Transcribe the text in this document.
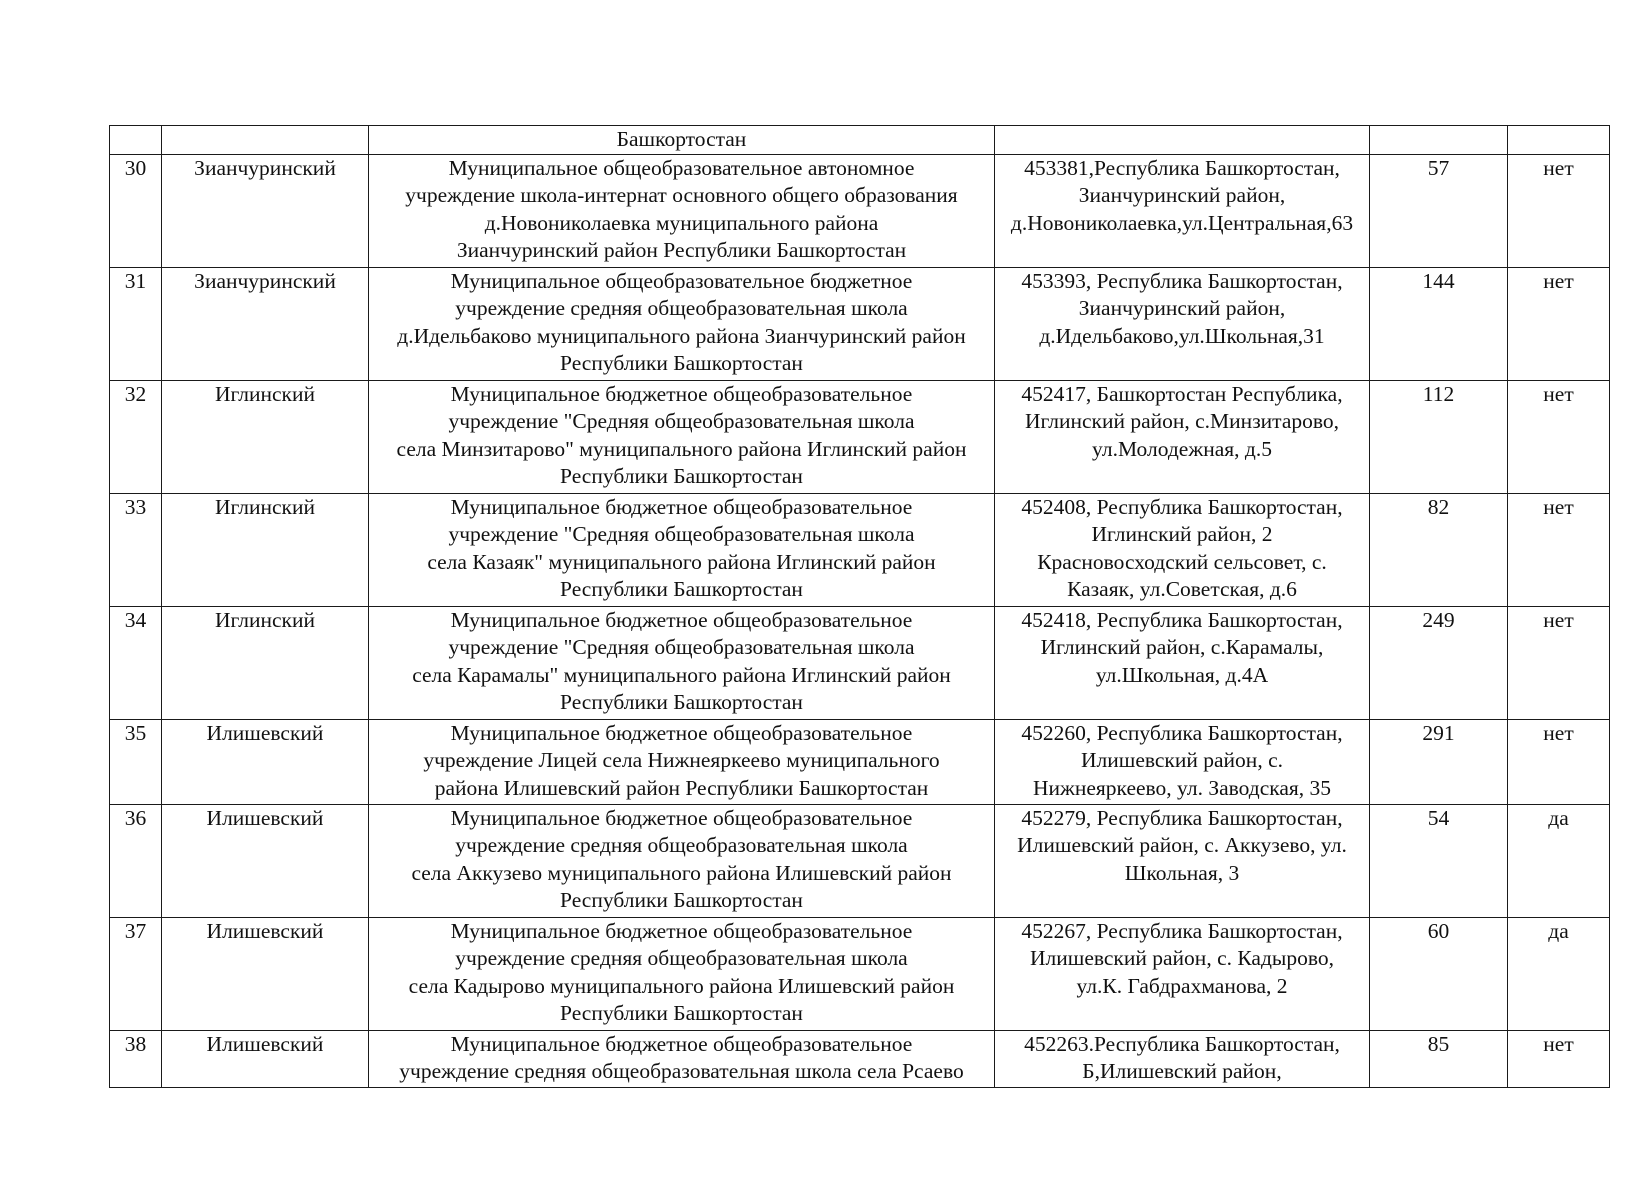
		Башкортостан			
30	Зианчуринский	Муниципальное общеобразовательное автономное
учреждение школа-интернат основного общего образования
д.Новониколаевка муниципального района
Зианчуринский район Республики Башкортостан	453381,Республика Башкортостан,
Зианчуринский район,
д.Новониколаевка,ул.Центральная,63	57	нет
31	Зианчуринский	Муниципальное общеобразовательное бюджетное
учреждение средняя общеобразовательная школа
д.Идельбаково муниципального района Зианчуринский район
Республики Башкортостан	453393, Республика Башкортостан,
Зианчуринский район,
д.Идельбаково,ул.Школьная,31	144	нет
32	Иглинский	Муниципальное бюджетное общеобразовательное
учреждение "Средняя общеобразовательная школа
села Минзитарово" муниципального района Иглинский район
Республики Башкортостан	452417, Башкортостан Республика,
Иглинский район, с.Минзитарово,
ул.Молодежная, д.5	112	нет
33	Иглинский	Муниципальное бюджетное общеобразовательное
учреждение "Средняя общеобразовательная школа
села Казаяк" муниципального района Иглинский район
Республики Башкортостан	452408, Республика Башкортостан,
Иглинский район, 2
Красновосходский сельсовет, с.
Казаяк, ул.Советская, д.6	82	нет
34	Иглинский	Муниципальное бюджетное общеобразовательное
учреждение "Средняя общеобразовательная школа
села Карамалы" муниципального района Иглинский район
Республики Башкортостан	452418, Республика Башкортостан,
Иглинский район, с.Карамалы,
ул.Школьная, д.4А	249	нет
35	Илишевский	Муниципальное бюджетное общеобразовательное
учреждение Лицей села Нижнеяркеево муниципального
района Илишевский район Республики Башкортостан	452260, Республика Башкортостан,
Илишевский район, с.
Нижнеяркеево, ул. Заводская, 35	291	нет
36	Илишевский	Муниципальное бюджетное общеобразовательное
учреждение средняя общеобразовательная школа
села Аккузево муниципального района Илишевский район
Республики Башкортостан	452279, Республика Башкортостан,
Илишевский район, с. Аккузево, ул.
Школьная, 3	54	да
37	Илишевский	Муниципальное бюджетное общеобразовательное
учреждение средняя общеобразовательная школа
села Кадырово муниципального района Илишевский район
Республики Башкортостан	452267, Республика Башкортостан,
Илишевский район, с. Кадырово,
ул.К. Габдрахманова, 2	60	да
38	Илишевский	Муниципальное бюджетное общеобразовательное
учреждение средняя общеобразовательная школа села Рсаево	452263.Республика Башкортостан,
Б,Илишевский район,	85	нет
